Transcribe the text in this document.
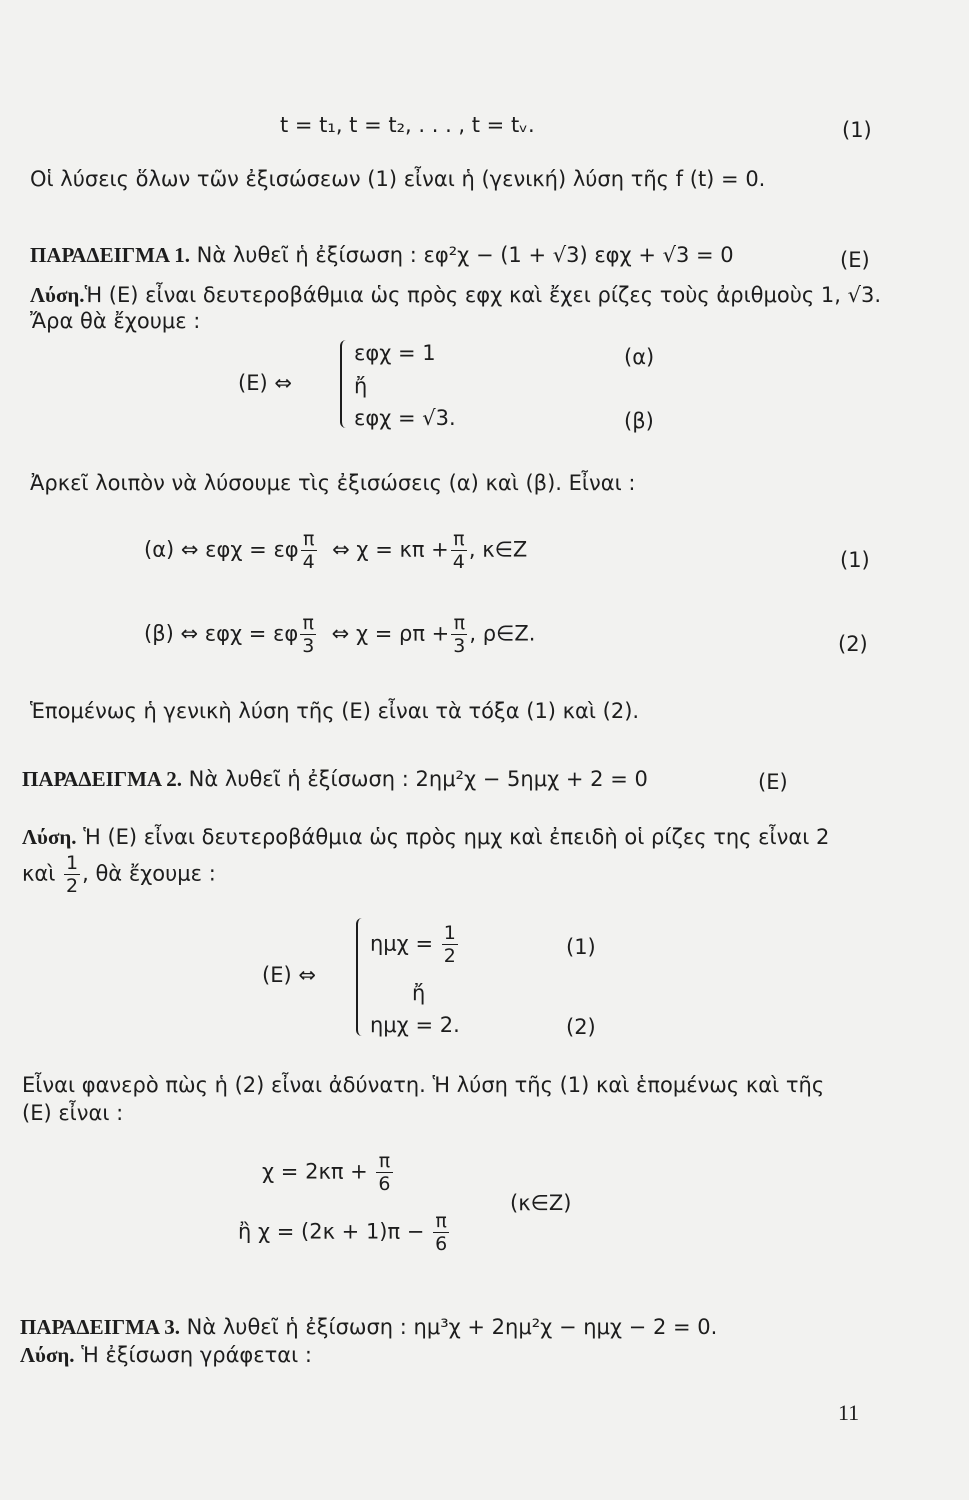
t = t₁, t = t₂, . . . , t = tᵥ.	(1)
Οἱ λύσεις ὅλων τῶν ἐξισώσεων (1) εἶναι ἡ (γενική) λύση τῆς f (t) = 0.
ΠΑΡΑΔΕΙΓΜΑ 1. Νὰ λυθεῖ ἡ ἐξίσωση : εφ²χ − (1 + √3) εφχ + √3 = 0	(Ε)
Λύση.Ἡ (Ε) εἶναι δευτεροβάθμια ὡς πρὸς εφχ καὶ ἔχει ρίζες τοὺς ἀριθμοὺς 1, √3.
Ἄρα θὰ ἔχουμε :
(Ε) ⇔
εφχ = 1
ἤ
εφχ = √3.
(α)
(β)
Ἀρκεῖ λοιπὸν νὰ λύσουμε τὶς ἐξισώσεις (α) καὶ (β). Εἶναι :
(α) ⇔ εφχ = εφ $\frac{\pi}{4}$ ⇔ $\chi = \kappa\pi + \frac{\pi}{4}$ , κ∈Ζ	(1)
(β) ⇔ εφχ = εφ $\frac{\pi}{3}$ ⇔ $\chi = \rho\pi + \frac{\pi}{3}$ , ρ∈Ζ.	(2)
Ἑπομένως ἡ γενικὴ λύση τῆς (Ε) εἶναι τὰ τόξα (1) καὶ (2).
ΠΑΡΑΔΕΙΓΜΑ 2. Νὰ λυθεῖ ἡ ἐξίσωση : 2ημ²χ − 5ημχ + 2 = 0	(Ε)
Λύση. Ἡ (Ε) εἶναι δευτεροβάθμια ὡς πρὸς ημχ καὶ ἐπειδὴ οἱ ρίζες της εἶναι 2
καὶ $\frac{1}{2}$ , θὰ ἔχουμε :
(Ε) ⇔
$\eta\mu\chi = \frac{1}{2}$
ἤ
ημχ = 2.
(1)
(2)
Εἶναι φανερὸ πὼς ἡ (2) εἶναι ἀδύνατη. Ἡ λύση τῆς (1) καὶ ἑπομένως καὶ τῆς
(Ε) εἶναι :
$\chi = 2\kappa\pi + \frac{\pi}{6}$
(κ∈Ζ)
ἢ $\chi = (2\kappa + 1)\pi - \frac{\pi}{6}$
ΠΑΡΑΔΕΙΓΜΑ 3. Νὰ λυθεῖ ἡ ἐξίσωση : ημ³χ + 2ημ²χ − ημχ − 2 = 0.
Λύση. Ἡ ἐξίσωση γράφεται :
11
